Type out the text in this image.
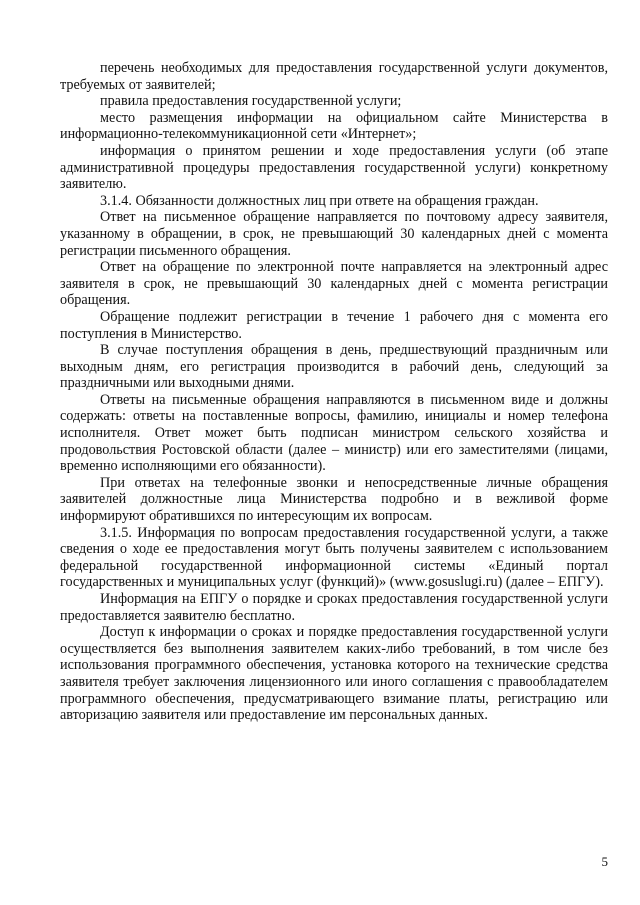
перечень необходимых для предоставления государственной услуги документов, требуемых от заявителей;

правила предоставления государственной услуги;

место размещения информации на официальном сайте Министерства в информационно-телекоммуникационной сети «Интернет»;

информация о принятом решении и ходе предоставления услуги (об этапе административной процедуры предоставления государственной услуги) конкретному заявителю.

3.1.4. Обязанности должностных лиц при ответе на обращения граждан.

Ответ на письменное обращение направляется по почтовому адресу заявителя, указанному в обращении, в срок, не превышающий 30 календарных дней с момента регистрации письменного обращения.

Ответ на обращение по электронной почте направляется на электронный адрес заявителя в срок, не превышающий 30 календарных дней с момента регистрации обращения.

Обращение подлежит регистрации в течение 1 рабочего дня с момента его поступления в Министерство.

В случае поступления обращения в день, предшествующий праздничным или выходным дням, его регистрация производится в рабочий день, следующий за праздничными или выходными днями.

Ответы на письменные обращения направляются в письменном виде и должны содержать: ответы на поставленные вопросы, фамилию, инициалы и номер телефона исполнителя. Ответ может быть подписан министром сельского хозяйства и продовольствия Ростовской области (далее – министр) или его заместителями (лицами, временно исполняющими его обязанности).

При ответах на телефонные звонки и непосредственные личные обращения заявителей должностные лица Министерства подробно и в вежливой форме информируют обратившихся по интересующим их вопросам.

3.1.5. Информация по вопросам предоставления государственной услуги, а также сведения о ходе ее предоставления могут быть получены заявителем с использованием федеральной государственной информационной системы «Единый портал государственных и муниципальных услуг (функций)» (www.gosuslugi.ru) (далее – ЕПГУ).

Информация на ЕПГУ о порядке и сроках предоставления государственной услуги предоставляется заявителю бесплатно.

Доступ к информации о сроках и порядке предоставления государственной услуги осуществляется без выполнения заявителем каких-либо требований, в том числе без использования программного обеспечения, установка которого на технические средства заявителя требует заключения лицензионного или иного соглашения с правообладателем программного обеспечения, предусматривающего взимание платы, регистрацию или авторизацию заявителя или предоставление им персональных данных.

5
